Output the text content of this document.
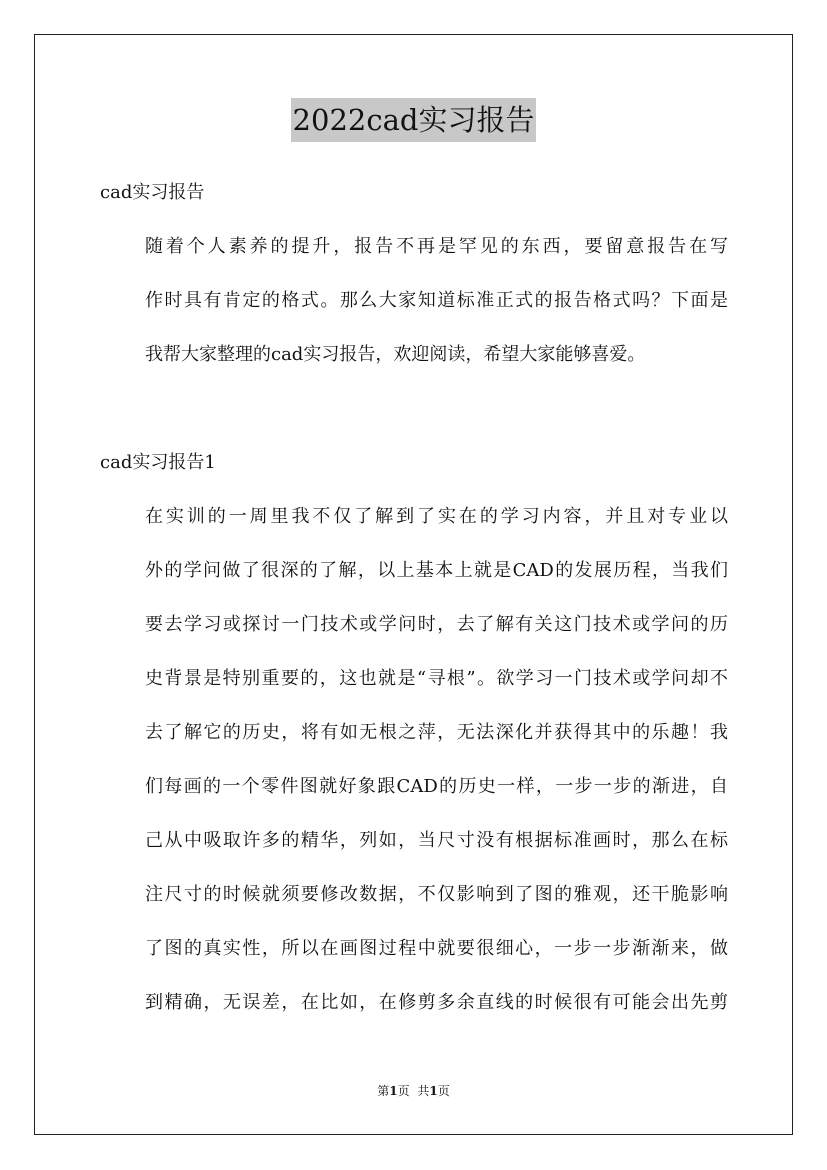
2022cad实习报告
cad实习报告
随着个人素养的提升，报告不再是罕见的东西，要留意报告在写
作时具有肯定的格式。那么大家知道标准正式的报告格式吗？下面是
我帮大家整理的cad实习报告，欢迎阅读，希望大家能够喜爱。
cad实习报告1
在实训的一周里我不仅了解到了实在的学习内容，并且对专业以
外的学问做了很深的了解，以上基本上就是CAD的发展历程，当我们
要去学习或探讨一门技术或学问时，去了解有关这门技术或学问的历
史背景是特别重要的，这也就是“寻根”。欲学习一门技术或学问却不
去了解它的历史，将有如无根之萍，无法深化并获得其中的乐趣！我
们每画的一个零件图就好象跟CAD的历史一样，一步一步的渐进，自
己从中吸取许多的精华，列如，当尺寸没有根据标准画时，那么在标
注尺寸的时候就须要修改数据，不仅影响到了图的雅观，还干脆影响
了图的真实性，所以在画图过程中就要很细心，一步一步渐渐来，做
到精确，无误差，在比如，在修剪多余直线的时候很有可能会出先剪
第1页 共1页
